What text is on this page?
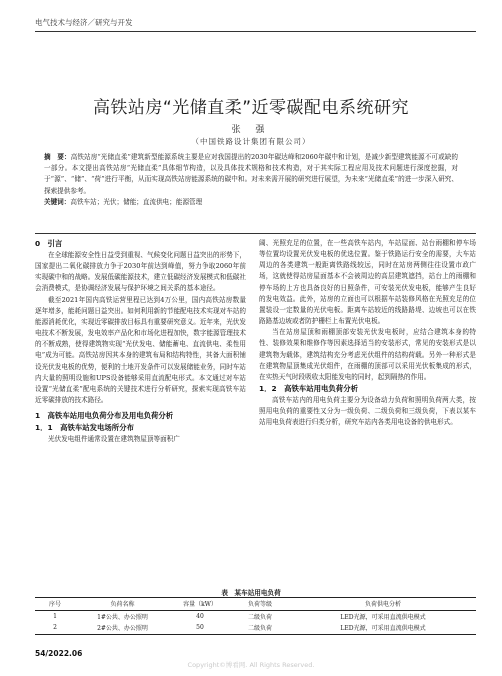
电气技术与经济／研究与开发
高铁站房“光储直柔”近零碳配电系统研究
张 强
（中国铁路设计集团有限公司）
摘　要：高铁站房“光储直柔”建筑新型能源系统主要是应对我国提出的2030年碳达峰和2060年碳中和计划，是减少新型建筑能源不可或缺的一部分。本文提出高铁站房“光储直柔”具体细节构造，以及具体技术规格和技术构造，对于其实际工程应用及技术问题进行深度挖掘，对于“源”、“储”、“荷”进行平衡，从而实现高铁站房能源系统的碳中和。对未来需开展的研究进行展望，为未来“光储直柔”的进一步深入研究、探索提供参考。
关键词：高铁车站；光伏；储能；直流供电；能源管理
0　引言

在全球能源安全性日益受到重视、气候变化问题日益突出的形势下，国家提出二氧化碳排放力争于2030年前达到峰值，努力争取2060年前实现碳中和的战略。发展低碳能源技术，建立低碳经济发展模式和低碳社会消费模式，是协调经济发展与保护环境之间关系的基本途径。

截至2021年国内高铁运营里程已达到4万公里，国内高铁站房数量逐年增多，能耗问题日益突出。如何利用新的节能配电技术实现对车站的能源消耗优化，实现近零碳排放目标具有重要研究意义。近年来，光伏发电技术不断发展，发电效率产品化和市场化进程加快，数字能源管理技术的不断成熟，使得建筑物实现“光伏发电、储能蓄电、直流供电、柔性用电”成为可能。高铁站房因其本身的建筑布局和结构特性，其备大面积铺设光伏发电板的优势，便利的土地开发条件可以发展储能业务，同时车站内大量的照明设施和UPS设备能够采用直流配电形式。本文通过对车站设置“光储直柔”配电系统的关键技术进行分析研究，探索实现高铁车站近零碳排放的技术路径。

1　高铁车站用电负荷分布及用电负荷分析
1．1　高铁车站发电场所分布

光伏发电组件通常设置在建筑物屋顶等面积广

阔、光照充足的位置，在一些高铁车站内，车站屋面、站台雨棚和停车场等位置均设置光伏发电板的优选位置。鉴于铁路运行安全的需要，大车站周边的各类建筑一般距离铁路线较远，同时在站房两侧往往设置市政广场，这就使得站房屋面基本不会被周边的高层建筑遮挡，站台上的雨棚和停车场的上方也具备良好的日照条件，可安装光伏发电板，能够产生良好的发电效益。此外，站房的立面也可以根据车站装修风格在光照充足的位置装设一定数量的光伏电板。距离车站较近的线路路堤、边坡也可以在铁路路基边坡或者防护栅栏上布置光伏电板。

当在站房屋顶和雨棚顶部安装光伏发电板时，应结合建筑本身的特性、装修效果和维修作等因素选择适当的安装形式，常见的安装形式是以建筑物为载体，建筑结构充分考虑光伏组件的结构荷载。另外一种形式是在建筑物屋顶集成光伏组件，在雨棚的顶部可以采用光伏板集成的形式，在实热天气时段吸收太阳能发电的同时，起到隔热的作用。

1．2　高铁车站用电负荷分析

高铁车站内的用电负荷主要分为设备动力负荷和照明负荷两大类，按照用电负荷的重要性又分为一级负荷、二级负荷和三级负荷，下表以某车站用电负荷表进行归类分析，研究车站内各类用电设备的供电形式。

表　某车站用电负荷
序号	负荷名称	容量（kW）	负荷等级	负荷供电分析
1	1#公共、办公照明	40	二级负荷	LED光源，可采用直流供电模式
2	2#公共、办公照明	50	二级负荷	LED光源，可采用直流供电模式
54/2022.06
Copyright©博看网. All Rights Reserved.
